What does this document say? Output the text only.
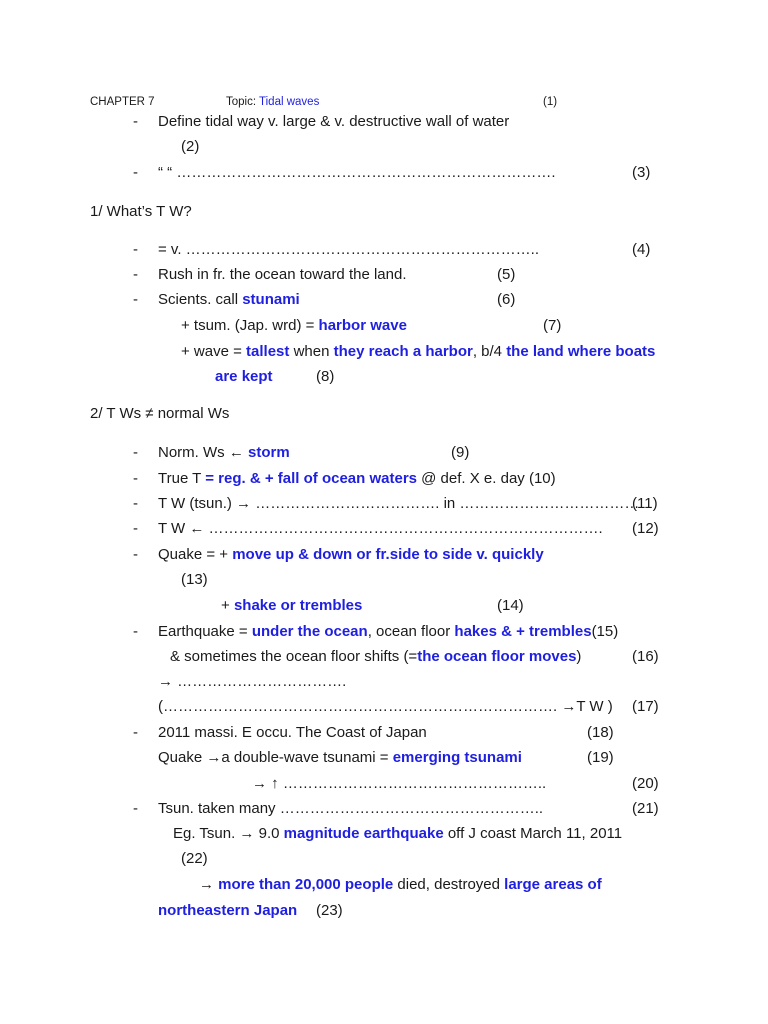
CHAPTER 7	Topic: Tidal waves	(1)
- Define tidal way v. large & v. destructive wall of water
(2)
- “ “ ………………………………………………………………….	(3)
1/ What’s T W?
- = v. ……………………………………………………………..	(4)
- Rush in fr. the ocean toward the land.	(5)
- Scients. call stunami	(6)
+ tsum. (Jap. wrd) = harbor wave	(7)
+ wave = tallest when they reach a harbor, b/4 the land where boats
are kept	(8)
2/ T Ws ≠ normal Ws
- Norm. Ws ← storm	(9)
- True T = reg. & + fall of ocean waters @ def. X e. day (10)
- T W (tsun.) → ………………………………. in ………………………………
(11)
- T W ← ……………………………………………………………………. (12)
- Quake = + move up & down or fr.side to side v. quickly
(13)
+ shake or trembles	(14)
- Earthquake = under the ocean, ocean floor hakes & + trembles(15)
& sometimes the ocean floor shifts (=the ocean floor moves)	(16)
→ …………………………….
(……………………………………………………………………. →T W ) (17)
- 2011 massi. E occu. The Coast of Japan	(18)
Quake →a double-wave tsunami = emerging tsunami	(19)
→ ↑ ……………………………………………..	(20)
- Tsun. taken many ……………………………………………..	(21)
Eg. Tsun. → 9.0 magnitude earthquake off J coast March 11, 2011
(22)
→ more than 20,000 people died, destroyed large areas of
northeastern Japan (23)
